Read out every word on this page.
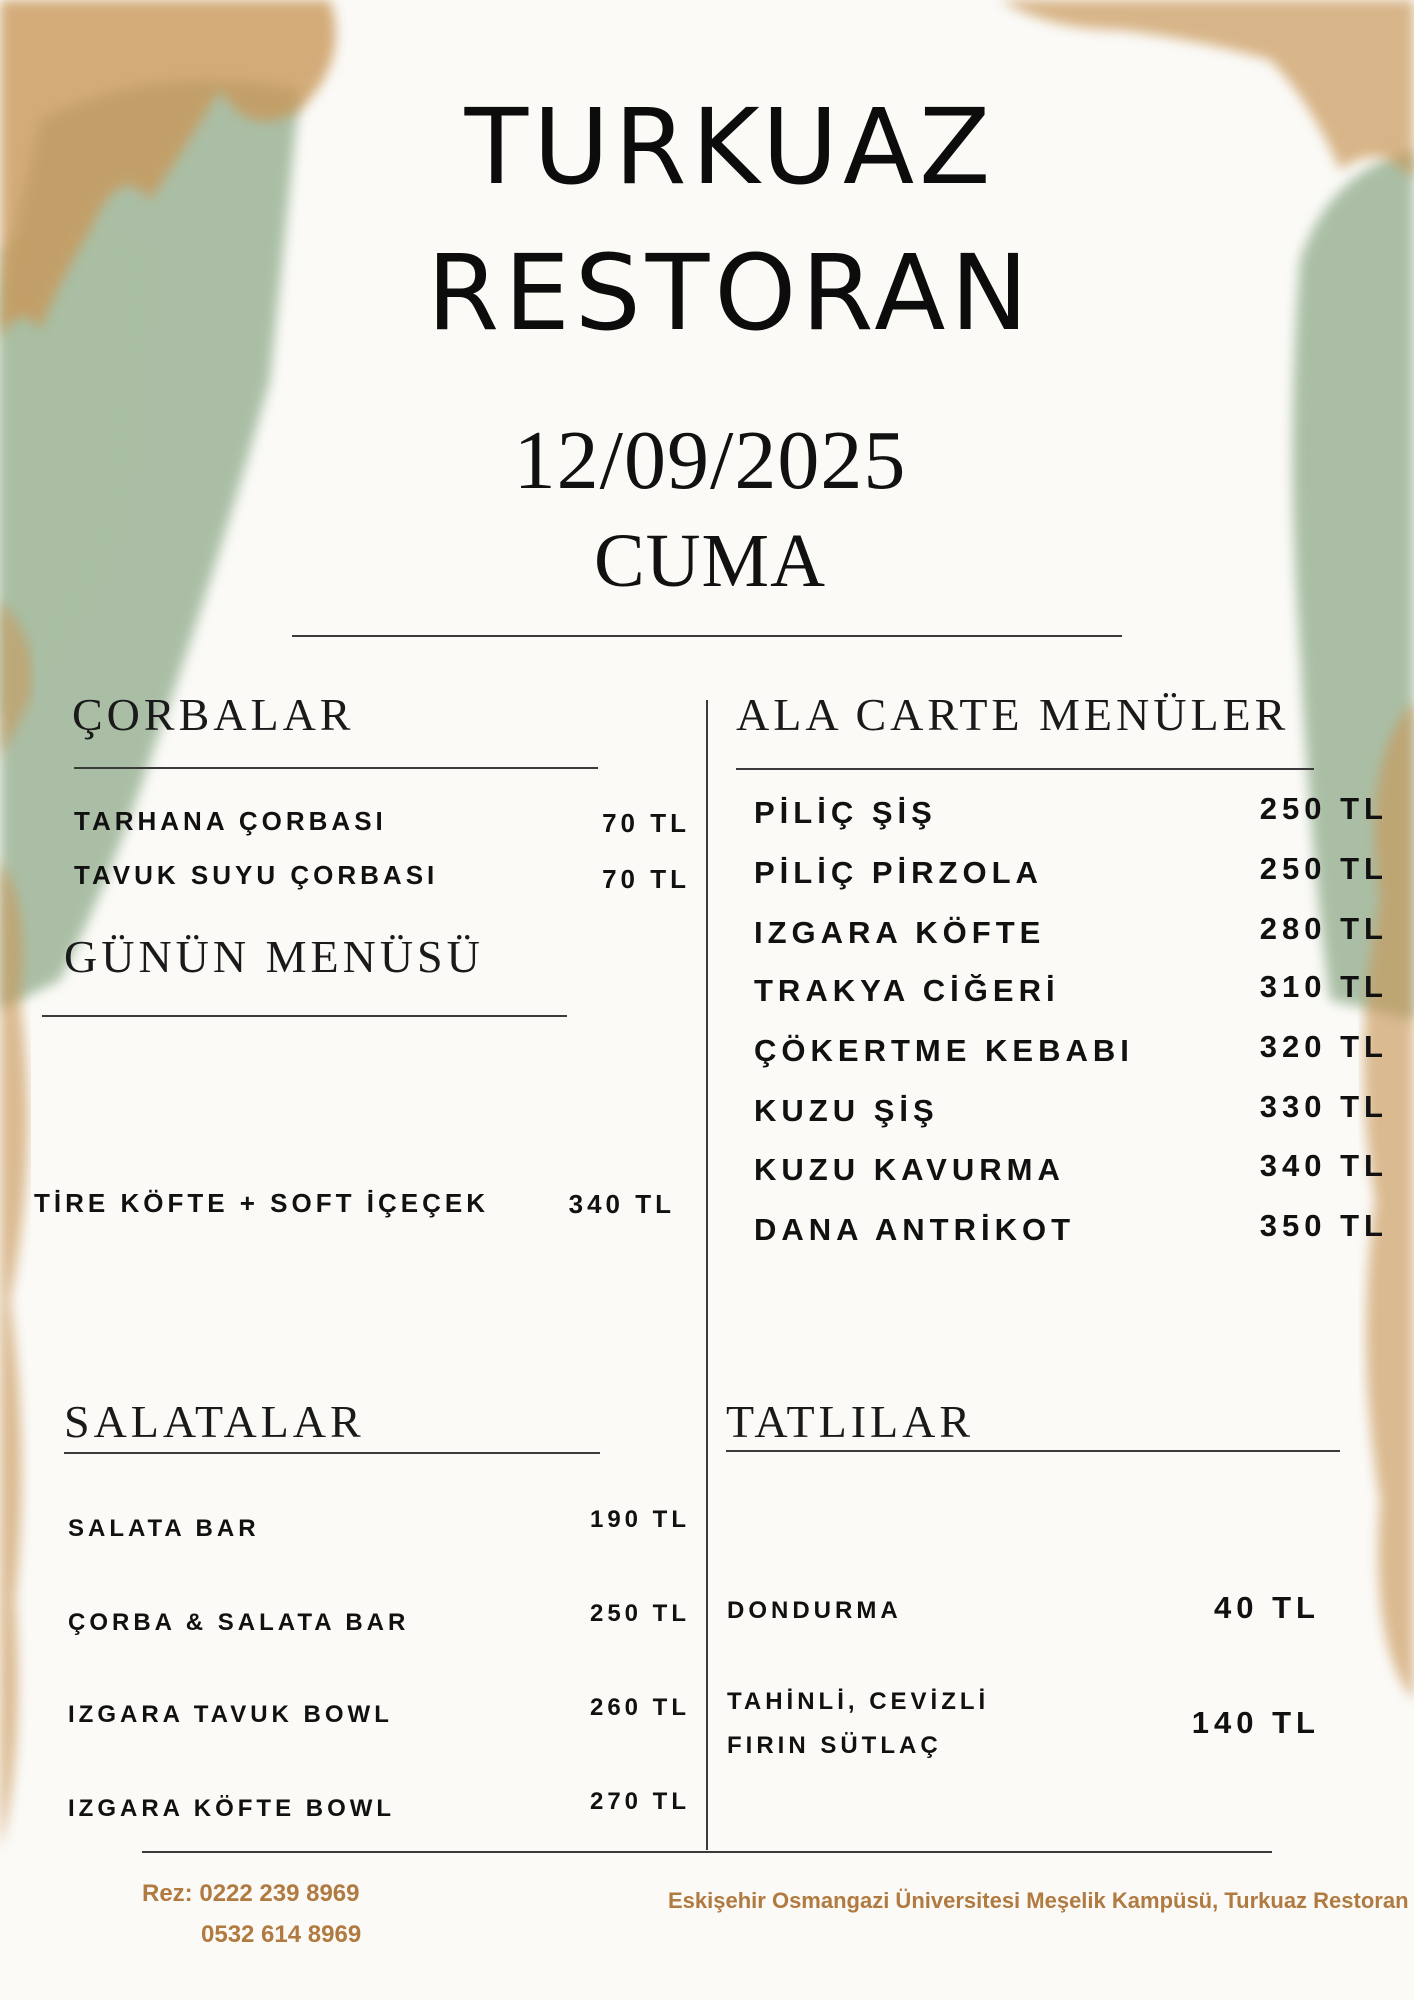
TURKUAZ
RESTORAN
12/09/2025
CUMA
ÇORBALAR
TARHANA ÇORBASI	70 TL
TAVUK SUYU ÇORBASI	70 TL
GÜNÜN MENÜSÜ
TİRE KÖFTE + SOFT İÇEÇEK	340 TL
ALA CARTE MENÜLER
PİLİÇ ŞİŞ	250 TL
PİLİÇ PİRZOLA	250 TL
IZGARA KÖFTE	280 TL
TRAKYA CİĞERİ	310 TL
ÇÖKERTME KEBABI	320 TL
KUZU ŞİŞ	330 TL
KUZU KAVURMA	340 TL
DANA ANTRİKOT	350 TL
SALATALAR
SALATA BAR	190 TL
ÇORBA & SALATA BAR	250 TL
IZGARA TAVUK BOWL	260 TL
IZGARA KÖFTE BOWL	270 TL
TATLILAR
DONDURMA	40 TL
TAHİNLİ, CEVİZLİ
FIRIN SÜTLAÇ
140 TL
Rez: 0222 239 8969
0532 614 8969
Eskişehir Osmangazi Üniversitesi Meşelik Kampüsü, Turkuaz Restoran
